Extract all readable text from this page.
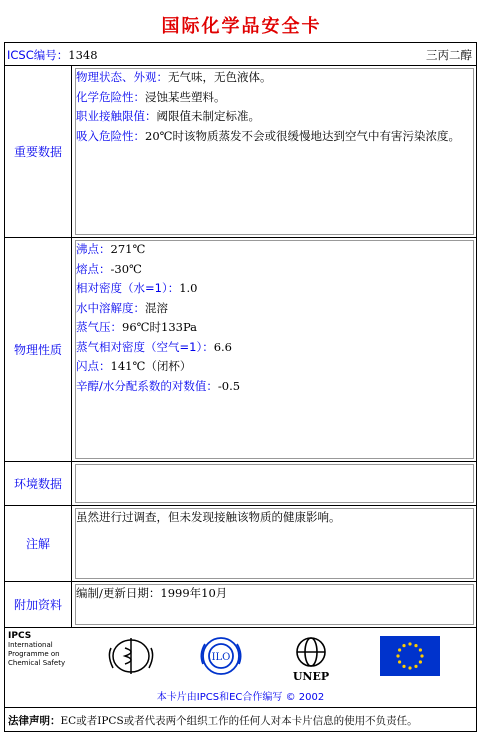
国际化学品安全卡
ICSC编号：1348	三丙二醇
重要数据
物理状态、外观：无气味，无色液体。
化学危险性：浸蚀某些塑料。
职业接触限值：阈限值未制定标准。
吸入危险性：20℃时该物质蒸发不会或很缓慢地达到空气中有害污染浓度。
物理性质
沸点：271℃
熔点：-30℃
相对密度（水=1）：1.0
水中溶解度：混溶
蒸气压：96℃时133Pa
蒸气相对密度（空气=1）：6.6
闪点：141℃（闭杯）
辛醇/水分配系数的对数值：-0.5
环境数据
注解
虽然进行过调查，但未发现接触该物质的健康影响。
附加资料
编制/更新日期：1999年10月
IPCS
International
Programme on
Chemical Safety	ILO
UNEP
本卡片由IPCS和EC合作编写 © 2002
法律声明：EC或者IPCS或者代表两个组织工作的任何人对本卡片信息的使用不负责任。
